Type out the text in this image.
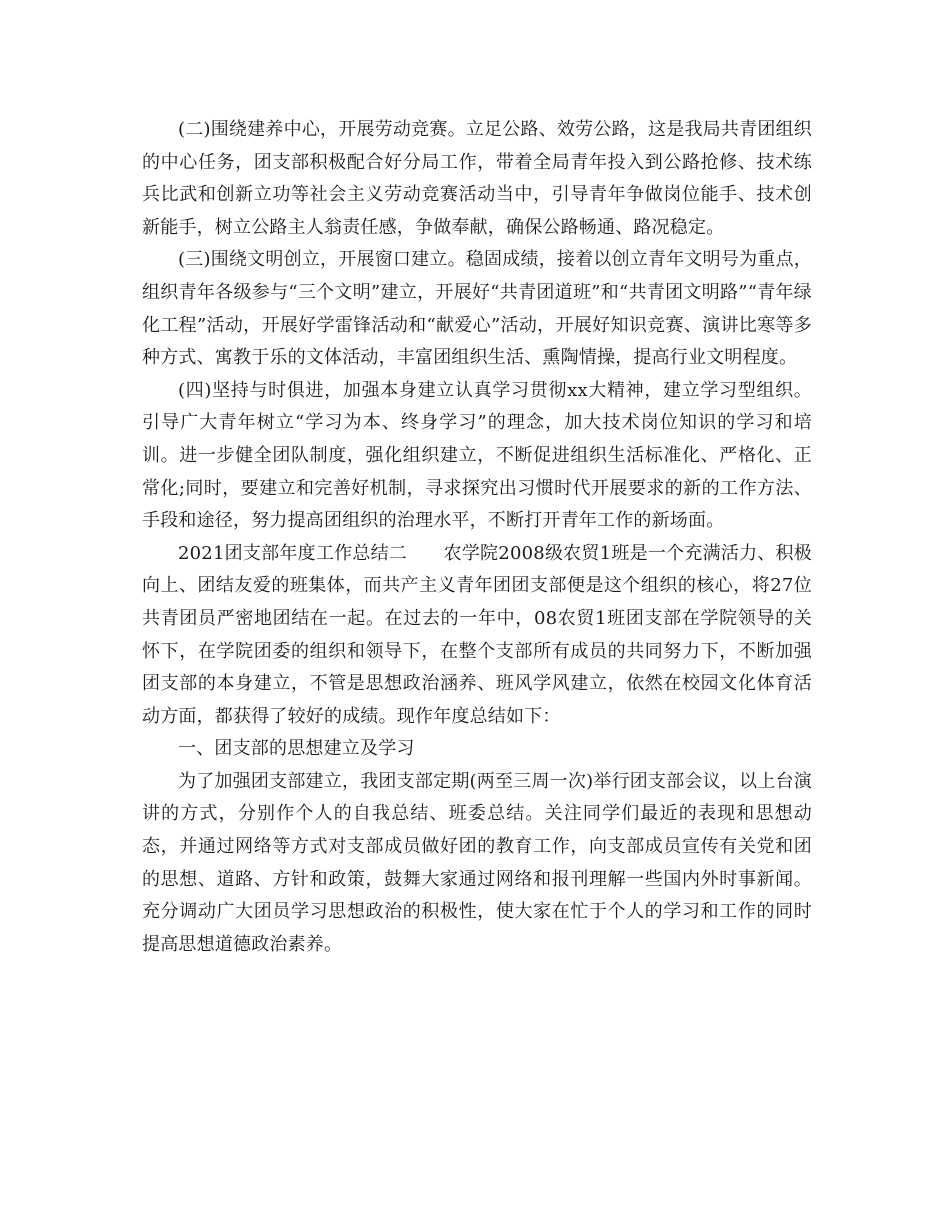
(二)围绕建养中心，开展劳动竞赛。立足公路、效劳公路，这是我局共青团组织的中心任务，团支部积极配合好分局工作，带着全局青年投入到公路抢修、技术练兵比武和创新立功等社会主义劳动竞赛活动当中，引导青年争做岗位能手、技术创新能手，树立公路主人翁责任感，争做奉献，确保公路畅通、路况稳定。

(三)围绕文明创立，开展窗口建立。稳固成绩，接着以创立青年文明号为重点，组织青年各级参与“三个文明”建立，开展好“共青团道班”和“共青团文明路”“青年绿化工程”活动，开展好学雷锋活动和“献爱心”活动，开展好知识竞赛、演讲比寒等多种方式、寓教于乐的文体活动，丰富团组织生活、熏陶情操，提高行业文明程度。

(四)坚持与时俱进，加强本身建立认真学习贯彻xx大精神，建立学习型组织。引导广大青年树立“学习为本、终身学习”的理念，加大技术岗位知识的学习和培训。进一步健全团队制度，强化组织建立，不断促进组织生活标准化、严格化、正常化;同时，要建立和完善好机制，寻求探究出习惯时代开展要求的新的工作方法、手段和途径，努力提高团组织的治理水平，不断打开青年工作的新场面。

2021团支部年度工作总结二　　农学院2008级农贸1班是一个充满活力、积极向上、团结友爱的班集体，而共产主义青年团团支部便是这个组织的核心，将27位共青团员严密地团结在一起。在过去的一年中，08农贸1班团支部在学院领导的关怀下，在学院团委的组织和领导下，在整个支部所有成员的共同努力下，不断加强团支部的本身建立，不管是思想政治涵养、班风学风建立，依然在校园文化体育活动方面，都获得了较好的成绩。现作年度总结如下：

一、团支部的思想建立及学习

为了加强团支部建立，我团支部定期(两至三周一次)举行团支部会议，以上台演讲的方式，分别作个人的自我总结、班委总结。关注同学们最近的表现和思想动态，并通过网络等方式对支部成员做好团的教育工作，向支部成员宣传有关党和团的思想、道路、方针和政策，鼓舞大家通过网络和报刊理解一些国内外时事新闻。充分调动广大团员学习思想政治的积极性，使大家在忙于个人的学习和工作的同时提高思想道德政治素养。
